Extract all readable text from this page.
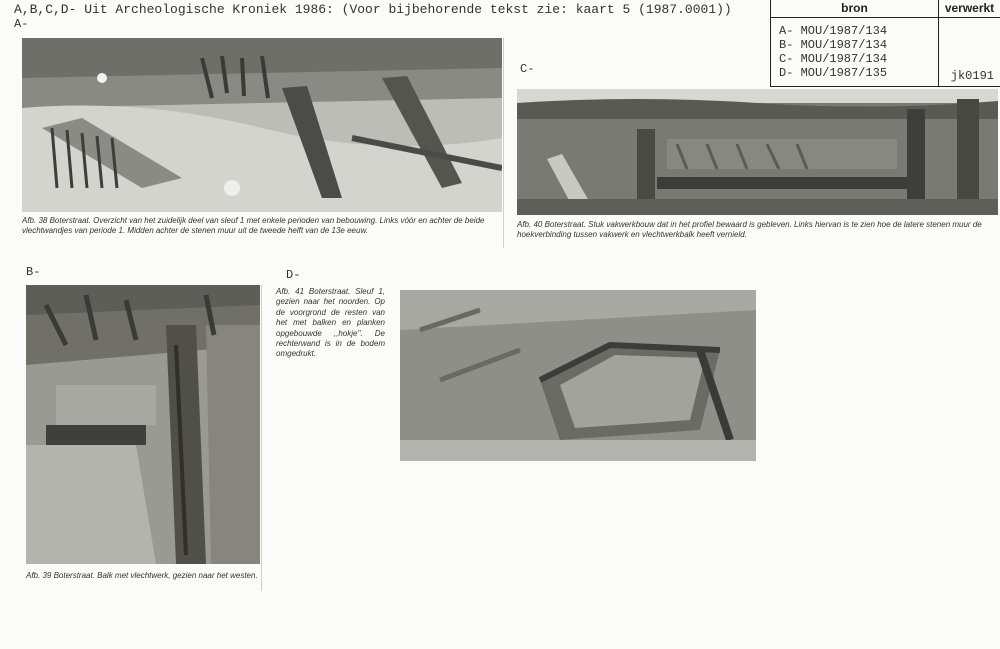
A,B,C,D- Uit Archeologische Kroniek 1986: (Voor bijbehorende tekst zie: kaart 5 (1987.0001))
A-
bron	verwerkt
A- MOU/1987/134
B- MOU/1987/134
C- MOU/1987/134
D- MOU/1987/135	jk0191
Afb. 38 Boterstraat. Overzicht van het zuidelijk deel van sleuf 1 met enkele perioden van bebouwing. Links vóór en achter de beide vlechtwandjes van periode 1. Midden achter de stenen muur uit de tweede helft van de 13e eeuw.
C-
Afb. 40 Boterstraat. Stuk vakwerkbouw dat in het profiel bewaard is gebleven. Links hiervan is te zien hoe de latere stenen muur de hoekverbinding tussen vakwerk en vlechtwerkbalk heeft vernield.
B-
Afb. 39 Boterstraat. Balk met vlechtwerk, gezien naar het westen.
D-
Afb. 41 Boterstraat. Sleuf 1, gezien naar het noorden. Op de voorgrond de resten van het met balken en planken opgebouwde ,,hokje''. De rechterwand is in de bodem omgedrukt.
